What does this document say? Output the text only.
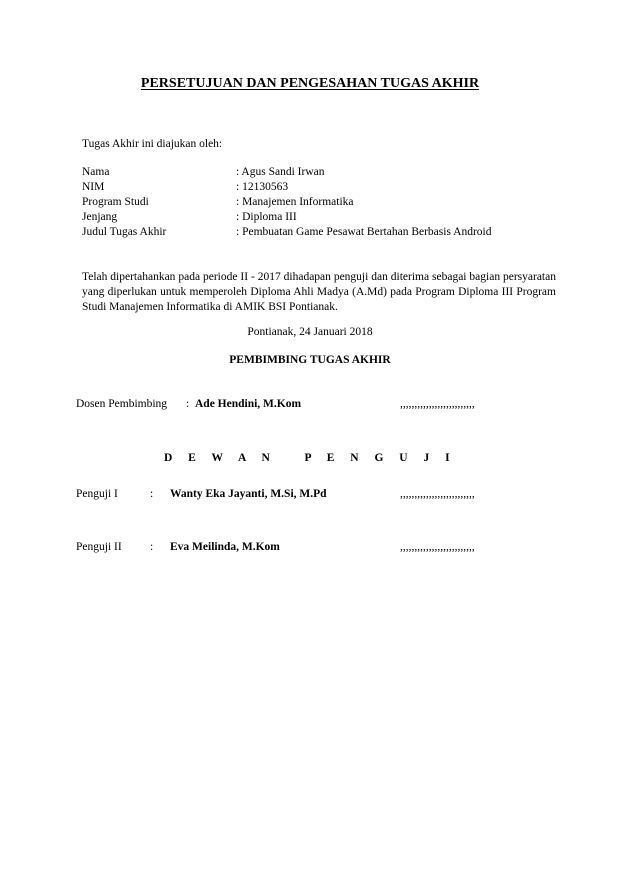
PERSETUJUAN DAN PENGESAHAN TUGAS AKHIR
Tugas Akhir ini diajukan oleh:
Nama	: Agus Sandi Irwan
NIM	: 12130563
Program Studi	: Manajemen Informatika
Jenjang	: Diploma III
Judul Tugas Akhir	: Pembuatan Game Pesawat Bertahan Berbasis Android
Telah dipertahankan pada periode II - 2017 dihadapan penguji dan diterima sebagai bagian persyaratan yang diperlukan untuk memperoleh Diploma Ahli Madya (A.Md) pada Program Diploma III Program Studi Manajemen Informatika di AMIK BSI Pontianak.
Pontianak, 24 Januari 2018
PEMBIMBING TUGAS AKHIR
Dosen Pembimbing : Ade Hendini, M.Kom	,,,,,,,,,,,,,,,,,,,,,,,,,,
D E W A N   P E N G U J I
Penguji I	: Wanty Eka Jayanti, M.Si, M.Pd	,,,,,,,,,,,,,,,,,,,,,,,,,,
Penguji II : Eva Meilinda, M.Kom	,,,,,,,,,,,,,,,,,,,,,,,,,,
